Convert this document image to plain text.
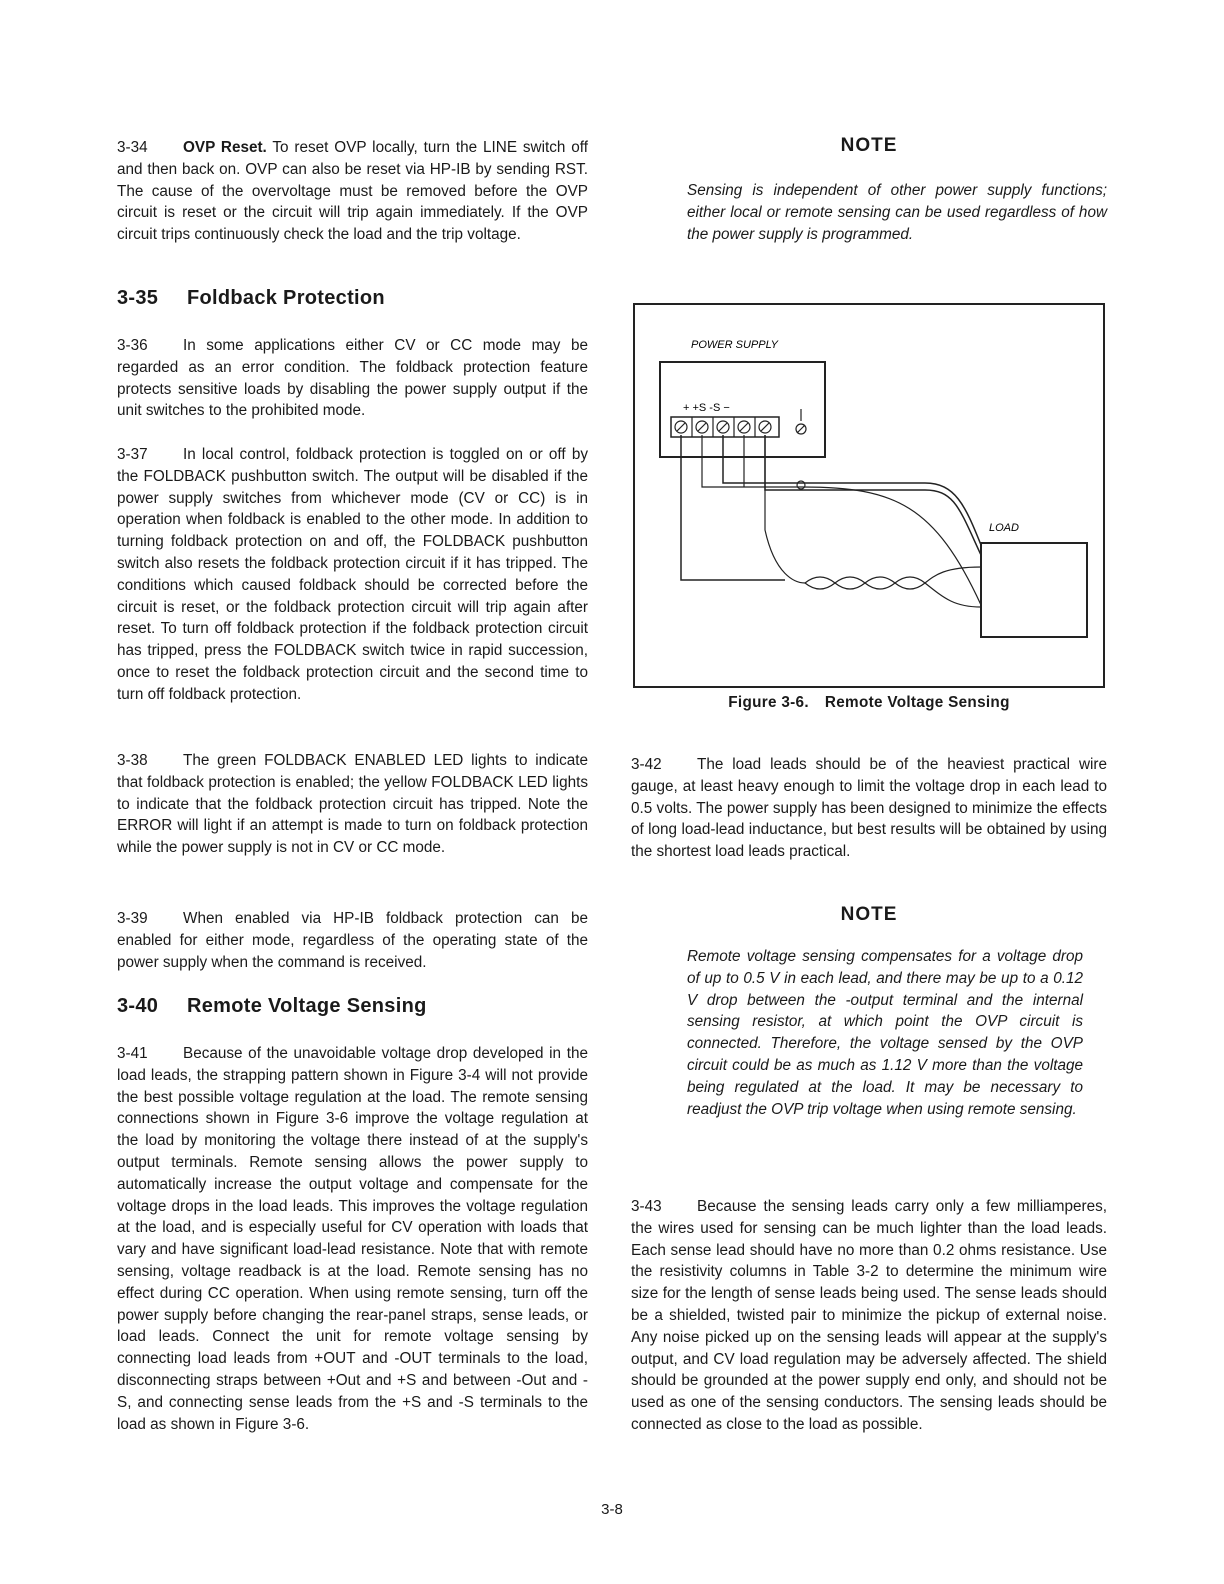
3-34 OVP Reset. To reset OVP locally, turn the LINE switch off and then back on. OVP can also be reset via HP-IB by sending RST. The cause of the overvoltage must be removed before the OVP circuit is reset or the circuit will trip again immediately. If the OVP circuit trips continuously check the load and the trip voltage.

3-35 Foldback Protection

3-36 In some applications either CV or CC mode may be regarded as an error condition. The foldback protection feature protects sensitive loads by disabling the power supply output if the unit switches to the prohibited mode.

3-37 In local control, foldback protection is toggled on or off by the FOLDBACK pushbutton switch. The output will be disabled if the power supply switches from whichever mode (CV or CC) is in operation when foldback is enabled to the other mode. In addition to turning foldback protection on and off, the FOLDBACK pushbutton switch also resets the foldback protection circuit if it has tripped. The conditions which caused foldback should be corrected before the circuit is reset, or the foldback protection circuit will trip again after reset. To turn off foldback protection if the foldback protection circuit has tripped, press the FOLDBACK switch twice in rapid succession, once to reset the foldback protection circuit and the second time to turn off foldback protection.

3-38 The green FOLDBACK ENABLED LED lights to indicate that foldback protection is enabled; the yellow FOLDBACK LED lights to indicate that the foldback protection circuit has tripped. Note the ERROR will light if an attempt is made to turn on foldback protection while the power supply is not in CV or CC mode.

3-39 When enabled via HP-IB foldback protection can be enabled for either mode, regardless of the operating state of the power supply when the command is received.

3-40 Remote Voltage Sensing

3-41 Because of the unavoidable voltage drop developed in the load leads, the strapping pattern shown in Figure 3-4 will not provide the best possible voltage regulation at the load. The remote sensing connections shown in Figure 3-6 improve the voltage regulation at the load by monitoring the voltage there instead of at the supply's output terminals. Remote sensing allows the power supply to automatically increase the output voltage and compensate for the voltage drops in the load leads. This improves the voltage regulation at the load, and is especially useful for CV operation with loads that vary and have significant load-lead resistance. Note that with remote sensing, voltage readback is at the load. Remote sensing has no effect during CC operation. When using remote sensing, turn off the power supply before changing the rear-panel straps, sense leads, or load leads. Connect the unit for remote voltage sensing by connecting load leads from +OUT and -OUT terminals to the load, disconnecting straps between +Out and +S and between -Out and -S, and connecting sense leads from the +S and -S terminals to the load as shown in Figure 3-6.

NOTE

Sensing is independent of other power supply functions; either local or remote sensing can be used regardless of how the power supply is programmed.

3-42 The load leads should be of the heaviest practical wire gauge, at least heavy enough to limit the voltage drop in each lead to 0.5 volts. The power supply has been designed to minimize the effects of long load-lead inductance, but best results will be obtained by using the shortest load leads practical.

NOTE

Remote voltage sensing compensates for a voltage drop of up to 0.5 V in each lead, and there may be up to a 0.12 V drop between the -output terminal and the internal sensing resistor, at which point the OVP circuit is connected. Therefore, the voltage sensed by the OVP circuit could be as much as 1.12 V more than the voltage being regulated at the load. It may be necessary to readjust the OVP trip voltage when using remote sensing.

3-43 Because the sensing leads carry only a few milliamperes, the wires used for sensing can be much lighter than the load leads. Each sense lead should have no more than 0.2 ohms resistance. Use the resistivity columns in Table 3-2 to determine the minimum wire size for the length of sense leads being used. The sense leads should be a shielded, twisted pair to minimize the pickup of external noise. Any noise picked up on the sensing leads will appear at the supply's output, and CV load regulation may be adversely affected. The shield should be grounded at the power supply end only, and should not be used as one of the sensing conductors. The sensing leads should be connected as close to the load as possible.

POWER SUPPLY
+ +S -S −
LOAD
Figure 3-6. Remote Voltage Sensing
3-8
